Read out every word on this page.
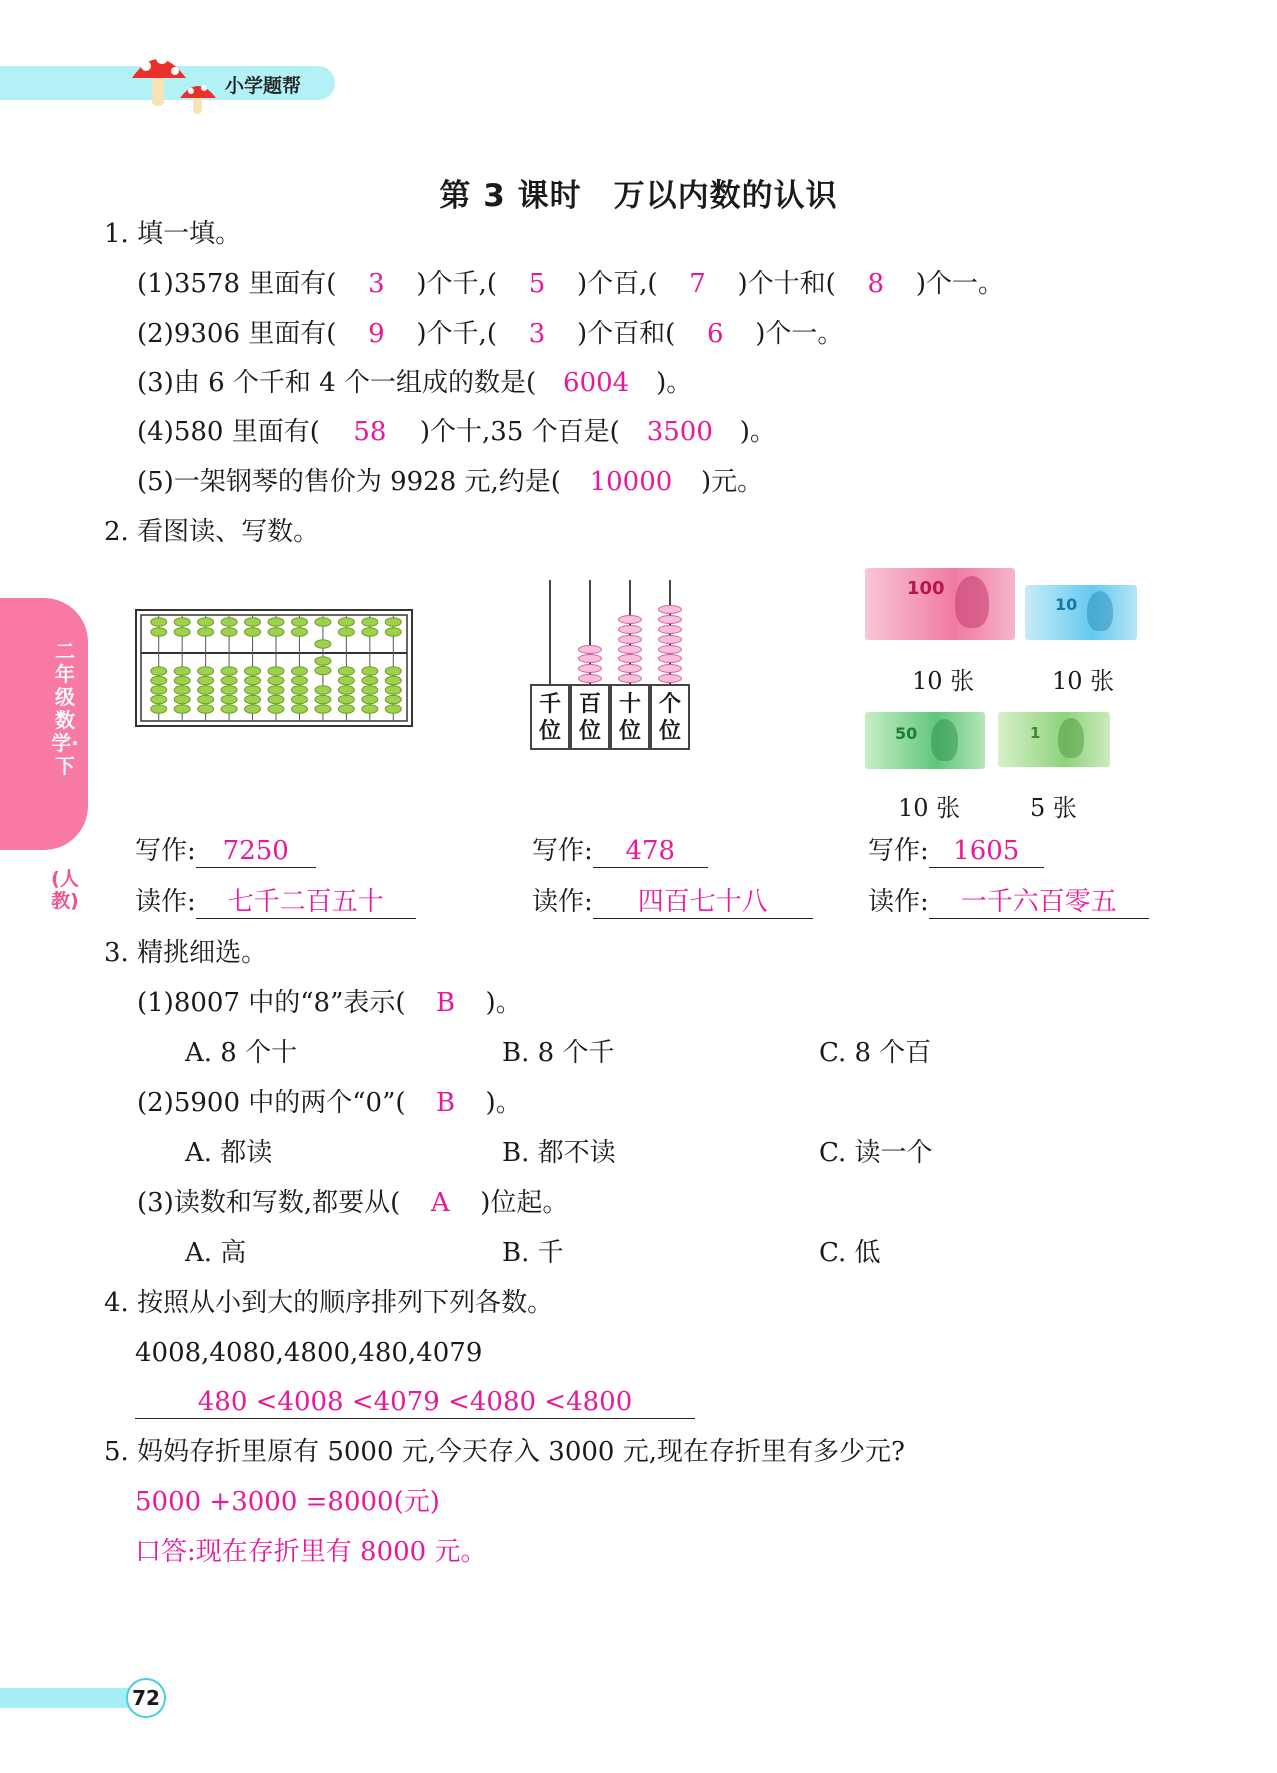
小学题帮
二年级数学·下
(人教)
第 3 课时　万以内数的认识
1. 填一填。
(1)3578 里面有( 3 )个千,( 5 )个百,( 7 )个十和( 8 )个一。
(2)9306 里面有( 9 )个千,( 3 )个百和( 6 )个一。
(3)由 6 个千和 4 个一组成的数是( 6004 )。
(4)580 里面有( 58 )个十,35 个百是( 3500 )。
(5)一架钢琴的售价为 9928 元,约是( 10000 )元。
2. 看图读、写数。
千位
百位
十位
个位
100
10
10 张	10 张
50	1
10 张	5 张
写作: 7250
读作: 七千二百五十
写作: 478
读作: 四百七十八
写作: 1605
读作: 一千六百零五
3. 精挑细选。
(1)8007 中的“8”表示( B )。
A. 8 个十	B. 8 个千	C. 8 个百
(2)5900 中的两个“0”( B )。
A. 都读	B. 都不读	C. 读一个
(3)读数和写数,都要从( A )位起。
A. 高	B. 千	C. 低
4. 按照从小到大的顺序排列下列各数。
4008,4080,4800,480,4079
480 <4008 <4079 <4080 <4800
5. 妈妈存折里原有 5000 元,今天存入 3000 元,现在存折里有多少元?
5000 +3000 =8000(元)
口答:现在存折里有 8000 元。
72
